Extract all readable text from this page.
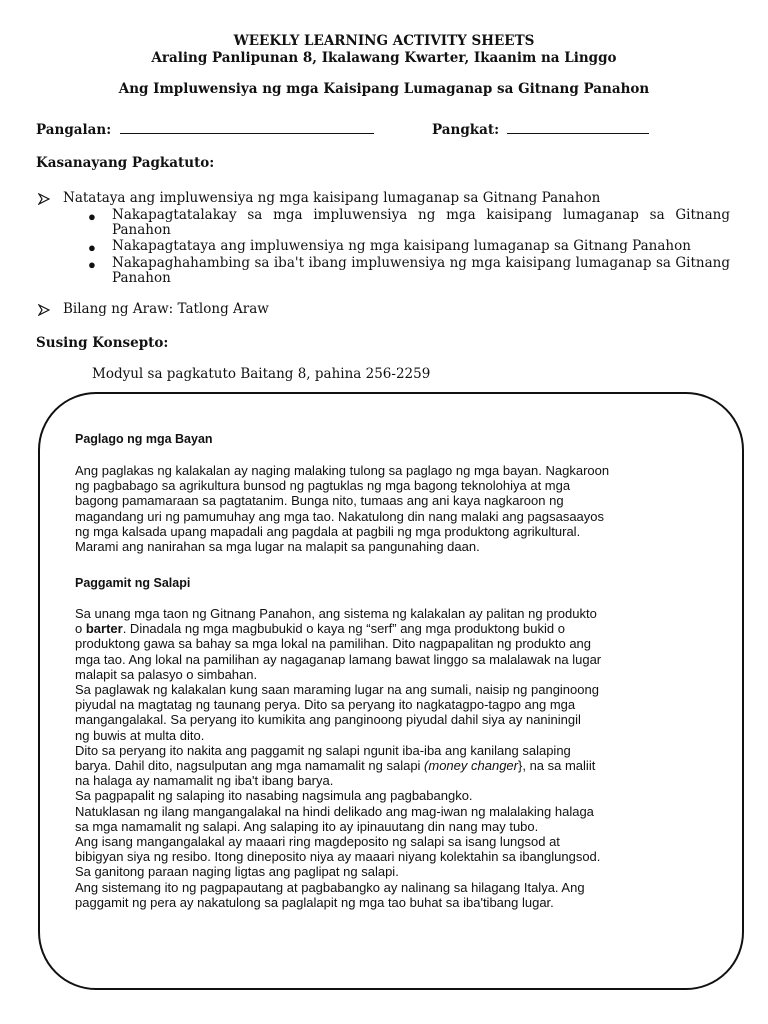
WEEKLY LEARNING ACTIVITY SHEETS
Araling Panlipunan 8, Ikalawang Kwarter, Ikaanim na Linggo
Ang Impluwensiya ng mga Kaisipang Lumaganap sa Gitnang Panahon
Pangalan:	Pangkat:
Kasanayang Pagkatuto:
Natataya ang impluwensiya ng mga kaisipang lumaganap sa Gitnang Panahon
● Nakapagtatalakay sa mga impluwensiya ng mga kaisipang lumaganap sa Gitnang Panahon
● Nakapagtataya ang impluwensiya ng mga kaisipang lumaganap sa Gitnang Panahon
● Nakapaghahambing sa iba't ibang impluwensiya ng mga kaisipang lumaganap sa Gitnang Panahon
Bilang ng Araw: Tatlong Araw
Susing Konsepto:
Modyul sa pagkatuto Baitang 8, pahina 256-2259
Paglago ng mga Bayan
Ang paglakas ng kalakalan ay naging malaking tulong sa paglago ng mga bayan. Nagkaroon
ng pagbabago sa agrikultura bunsod ng pagtuklas ng mga bagong teknolohiya at mga
bagong pamamaraan sa pagtatanim. Bunga nito, tumaas ang ani kaya nagkaroon ng
magandang uri ng pamumuhay ang mga tao. Nakatulong din nang malaki ang pagsasaayos
ng mga kalsada upang mapadali ang pagdala at pagbili ng mga produktong agrikultural.
Marami ang nanirahan sa mga lugar na malapit sa pangunahing daan.
Paggamit ng Salapi
Sa unang mga taon ng Gitnang Panahon, ang sistema ng kalakalan ay palitan ng produkto
o barter. Dinadala ng mga magbubukid o kaya ng “serf” ang mga produktong bukid o
produktong gawa sa bahay sa mga lokal na pamilihan. Dito nagpapalitan ng produkto ang
mga tao. Ang lokal na pamilihan ay nagaganap lamang bawat linggo sa malalawak na lugar
malapit sa palasyo o simbahan.
Sa paglawak ng kalakalan kung saan maraming lugar na ang sumali, naisip ng panginoong
piyudal na magtatag ng taunang perya. Dito sa peryang ito nagkatagpo-tagpo ang mga
mangangalakal. Sa peryang ito kumikita ang panginoong piyudal dahil siya ay naniningil
ng buwis at multa dito.
Dito sa peryang ito nakita ang paggamit ng salapi ngunit iba-iba ang kanilang salaping
barya. Dahil dito, nagsulputan ang mga namamalit ng salapi (money changer}, na sa maliit
na halaga ay namamalit ng iba't ibang barya.
Sa pagpapalit ng salaping ito nasabing nagsimula ang pagbabangko.
Natuklasan ng ilang mangangalakal na hindi delikado ang mag-iwan ng malalaking halaga
sa mga namamalit ng salapi. Ang salaping ito ay ipinauutang din nang may tubo.
Ang isang mangangalakal ay maaari ring magdeposito ng salapi sa isang lungsod at
bibigyan siya ng resibo. Itong dineposito niya ay maaari niyang kolektahin sa ibanglungsod.
Sa ganitong paraan naging ligtas ang paglipat ng salapi.
Ang sistemang ito ng pagpapautang at pagbabangko ay nalinang sa hilagang Italya. Ang
paggamit ng pera ay nakatulong sa paglalapit ng mga tao buhat sa iba'tibang lugar.
